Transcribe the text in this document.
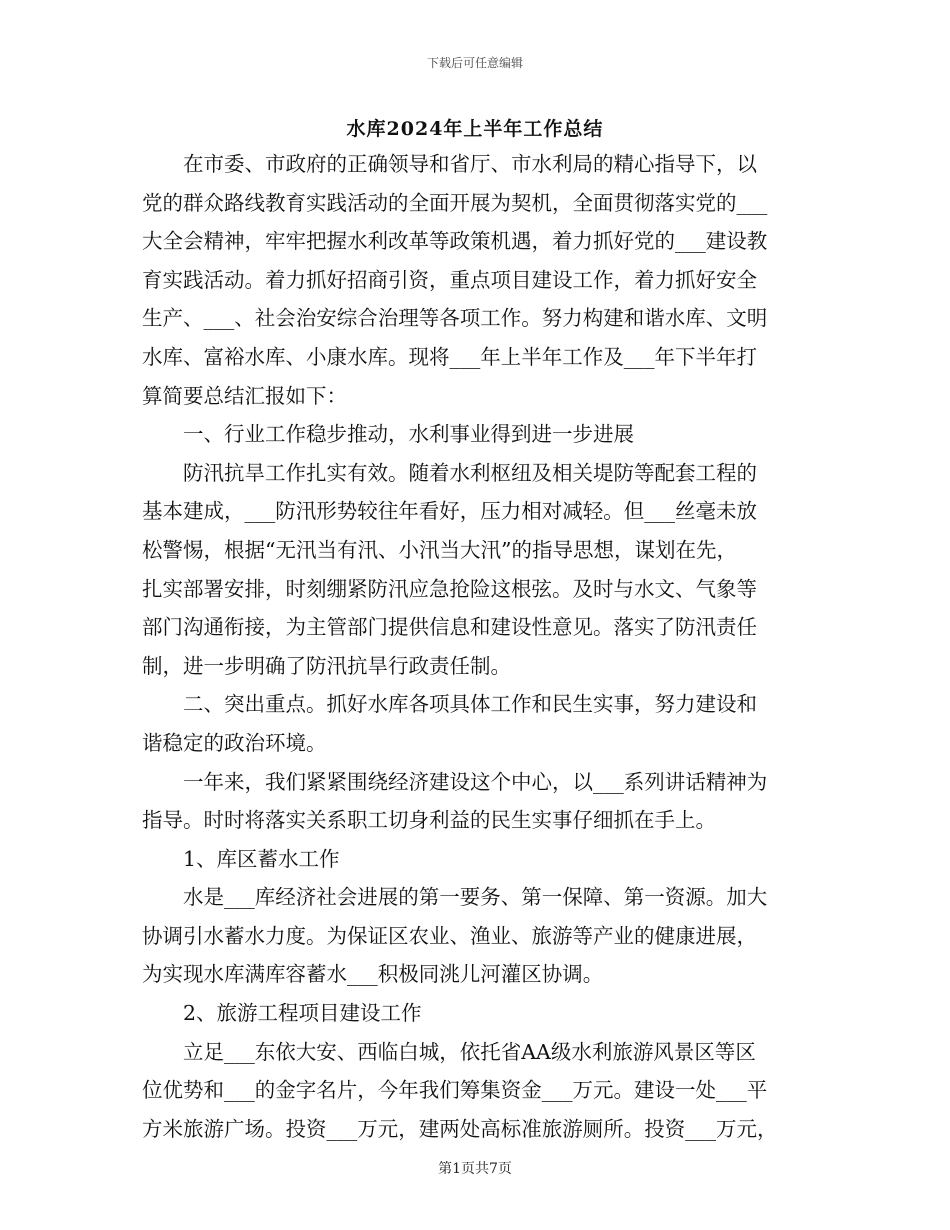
下载后可任意编辑
水库2024年上半年工作总结
　　在市委、市政府的正确领导和省厅、市水利局的精心指导下，以
党的群众路线教育实践活动的全面开展为契机，全面贯彻落实党的___
大全会精神，牢牢把握水利改革等政策机遇，着力抓好党的___建设教
育实践活动。着力抓好招商引资，重点项目建设工作，着力抓好安全
生产、___、社会治安综合治理等各项工作。努力构建和谐水库、文明
水库、富裕水库、小康水库。现将___年上半年工作及___年下半年打
算简要总结汇报如下：
　　一、行业工作稳步推动，水利事业得到进一步进展
　　防汛抗旱工作扎实有效。随着水利枢纽及相关堤防等配套工程的
基本建成，___防汛形势较往年看好，压力相对减轻。但___丝毫未放
松警惕，根据“无汛当有汛、小汛当大汛”的指导思想，谋划在先，
扎实部署安排，时刻绷紧防汛应急抢险这根弦。及时与水文、气象等
部门沟通衔接，为主管部门提供信息和建设性意见。落实了防汛责任
制，进一步明确了防汛抗旱行政责任制。
　　二、突出重点。抓好水库各项具体工作和民生实事，努力建设和
谐稳定的政治环境。
　　一年来，我们紧紧围绕经济建设这个中心，以___系列讲话精神为
指导。时时将落实关系职工切身利益的民生实事仔细抓在手上。
　　1、库区蓄水工作
　　水是___库经济社会进展的第一要务、第一保障、第一资源。加大
协调引水蓄水力度。为保证区农业、渔业、旅游等产业的健康进展，
为实现水库满库容蓄水___积极同洮儿河灌区协调。
　　2、旅游工程项目建设工作
　　立足___东依大安、西临白城，依托省AA级水利旅游风景区等区
位优势和___的金字名片，今年我们筹集资金___万元。建设一处___平
方米旅游广场。投资___万元，建两处高标准旅游厕所。投资___万元，
第1页共7页
